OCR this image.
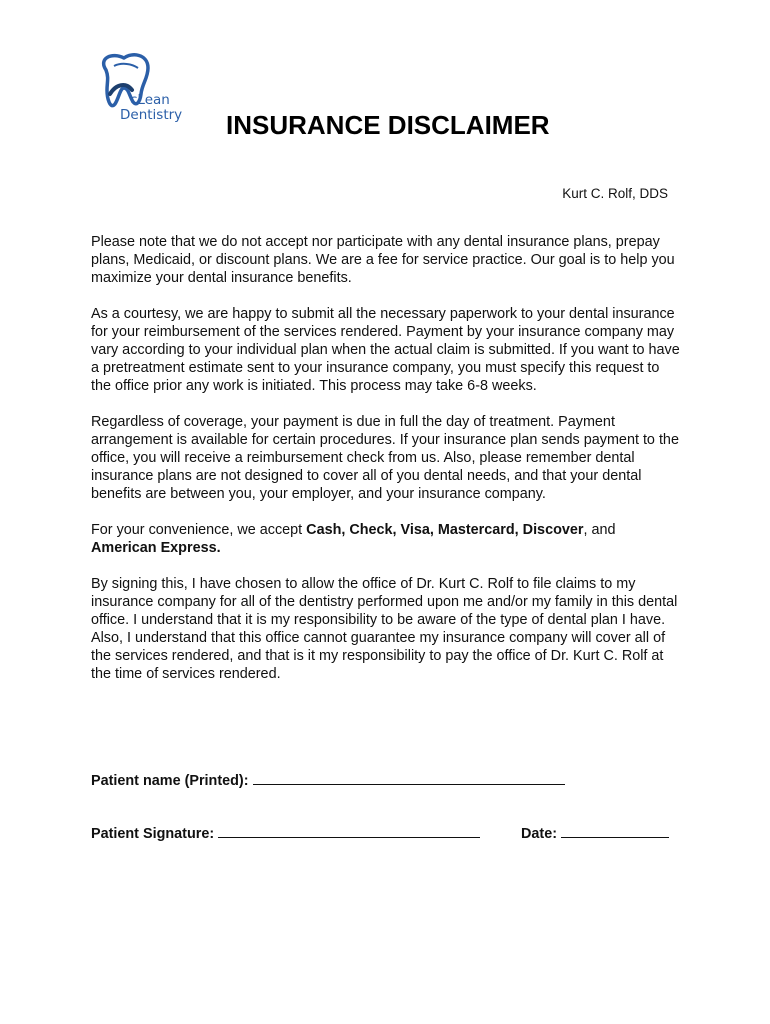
cLean
Dentistry INSURANCE DISCLAIMER
Kurt C. Rolf, DDS

Please note that we do not accept nor participate with any dental insurance plans, prepay plans, Medicaid, or discount plans. We are a fee for service practice. Our goal is to help you maximize your dental insurance benefits.

As a courtesy, we are happy to submit all the necessary paperwork to your dental insurance for your reimbursement of the services rendered. Payment by your insurance company may vary according to your individual plan when the actual claim is submitted. If you want to have a pretreatment estimate sent to your insurance company, you must specify this request to the office prior any work is initiated. This process may take 6-8 weeks.

Regardless of coverage, your payment is due in full the day of treatment. Payment arrangement is available for certain procedures. If your insurance plan sends payment to the office, you will receive a reimbursement check from us. Also, please remember dental insurance plans are not designed to cover all of you dental needs, and that your dental benefits are between you, your employer, and your insurance company.

For your convenience, we accept Cash, Check, Visa, Mastercard, Discover, and American Express.

By signing this, I have chosen to allow the office of Dr. Kurt C. Rolf to file claims to my insurance company for all of the dentistry performed upon me and/or my family in this dental office. I understand that it is my responsibility to be aware of the type of dental plan I have. Also, I understand that this office cannot guarantee my insurance company will cover all of the services rendered, and that is it my responsibility to pay the office of Dr. Kurt C. Rolf at the time of services rendered.

Patient name (Printed):
Patient Signature:	Date:
